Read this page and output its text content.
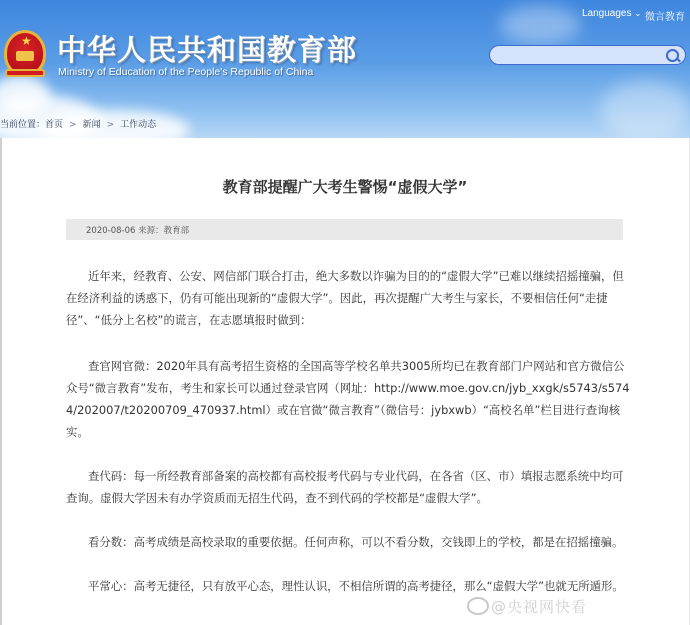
★ 中华人民共和国教育部
Ministry of Education of the People's Republic of China
Languages ⌄ 微言教育
当前位置：首页 > 新闻 > 工作动态
教育部提醒广大考生警惕“虚假大学”
2020-08-06 来源：教育部
近年来，经教育、公安、网信部门联合打击，绝大多数以诈骗为目的的“虚假大学”已难以继续招摇撞骗，但在经济利益的诱惑下，仍有可能出现新的“虚假大学”。因此，再次提醒广大考生与家长，不要相信任何“走捷径”、“低分上名校”的谎言，在志愿填报时做到：
查官网官微：2020年具有高考招生资格的全国高等学校名单共3005所均已在教育部门户网站和官方微信公众号“微言教育”发布，考生和家长可以通过登录官网（网址：http://www.moe.gov.cn/jyb_xxgk/s5743/s5744/202007/t20200709_470937.html）或在官微“微言教育”（微信号：jybxwb）“高校名单”栏目进行查询核实。
查代码：每一所经教育部备案的高校都有高校报考代码与专业代码，在各省（区、市）填报志愿系统中均可查询。虚假大学因未有办学资质而无招生代码，查不到代码的学校都是“虚假大学”。
看分数：高考成绩是高校录取的重要依据。任何声称，可以不看分数，交钱即上的学校，都是在招摇撞骗。
平常心：高考无捷径，只有放平心态，理性认识，不相信所谓的高考捷径，那么“虚假大学”也就无所遁形。
@央视网快看
